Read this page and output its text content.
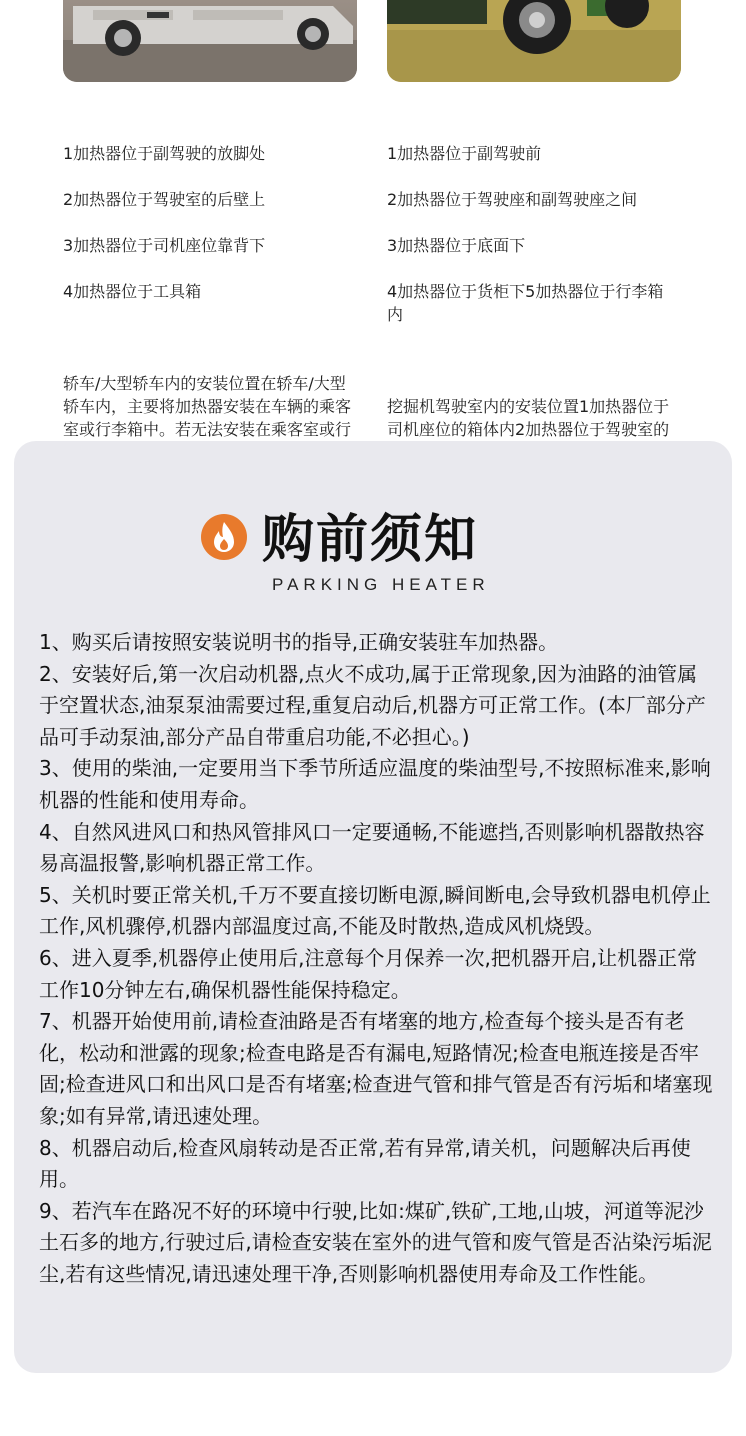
1加热器位于副驾驶的放脚处

2加热器位于驾驶室的后壁上

3加热器位于司机座位靠背下

4加热器位于工具箱

轿车/大型轿车内的安装位置在轿车/大型轿车内，主要将加热器安装在车辆的乘客室或行李箱中。若无法安装在乘客室或行

1加热器位于副驾驶前

2加热器位于驾驶座和副驾驶座之间

3加热器位于底面下

4加热器位于货柜下5加热器位于行李箱内

挖掘机驾驶室内的安装位置1加热器位于司机座位的箱体内2加热器位于驾驶室的

购前须知
PARKING HEATER
1、购买后请按照安装说明书的指导,正确安装驻车加热器。
2、安装好后,第一次启动机器,点火不成功,属于正常现象,因为油路的油管属于空置状态,油泵泵油需要过程,重复启动后,机器方可正常工作。(本厂部分产品可手动泵油,部分产品自带重启功能,不必担心。)
3、使用的柴油,一定要用当下季节所适应温度的柴油型号,不按照标准来,影响机器的性能和使用寿命。
4、自然风进风口和热风管排风口一定要通畅,不能遮挡,否则影响机器散热容易高温报警,影响机器正常工作。
5、关机时要正常关机,千万不要直接切断电源,瞬间断电,会导致机器电机停止工作,风机骤停,机器内部温度过高,不能及时散热,造成风机烧毁。
6、进入夏季,机器停止使用后,注意每个月保养一次,把机器开启,让机器正常工作10分钟左右,确保机器性能保持稳定。
7、机器开始使用前,请检查油路是否有堵塞的地方,检查每个接头是否有老化，松动和泄露的现象;检查电路是否有漏电,短路情况;检查电瓶连接是否牢固;检查进风口和出风口是否有堵塞;检查进气管和排气管是否有污垢和堵塞现象;如有异常,请迅速处理。
8、机器启动后,检查风扇转动是否正常,若有异常,请关机，问题解决后再使用。
9、若汽车在路况不好的环境中行驶,比如:煤矿,铁矿,工地,山坡，河道等泥沙土石多的地方,行驶过后,请检查安装在室外的进气管和废气管是否沾染污垢泥尘,若有这些情况,请迅速处理干净,否则影响机器使用寿命及工作性能。
